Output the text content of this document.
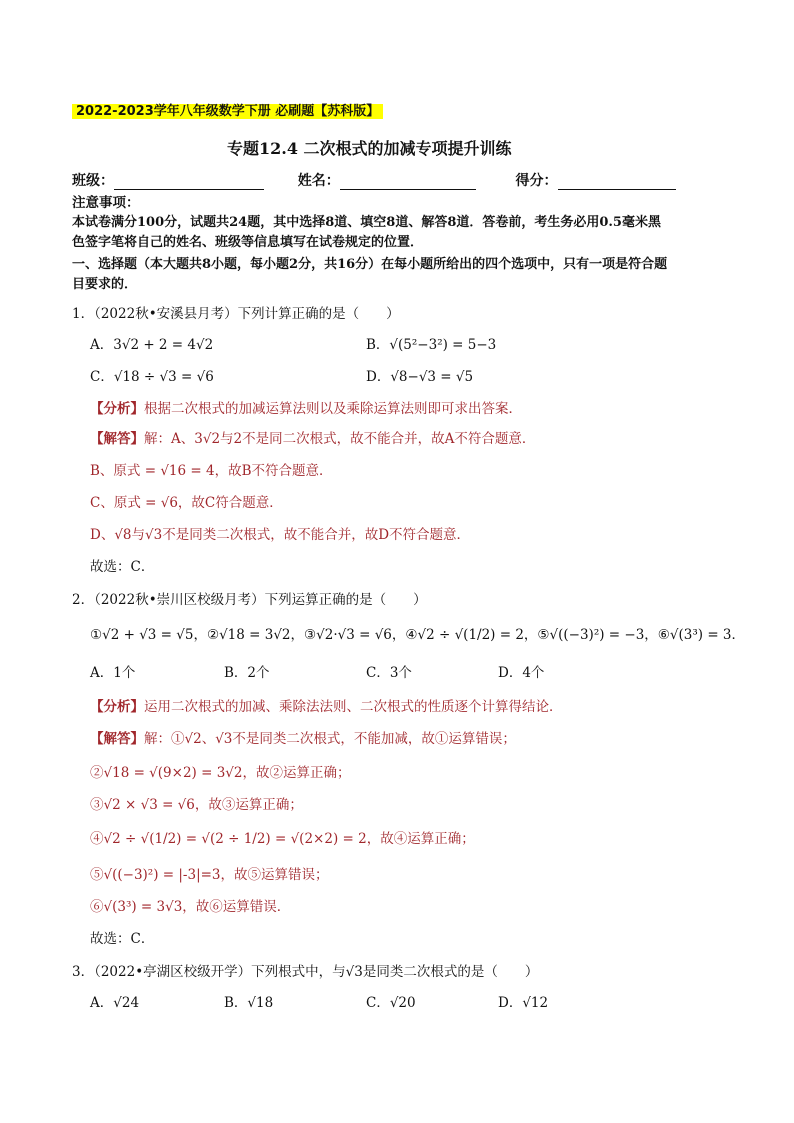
2022-2023学年八年级数学下册 必刷题【苏科版】
专题12.4 二次根式的加减专项提升训练
班级：	姓名：	得分：
注意事项：
本试卷满分100分，试题共24题，其中选择8道、填空8道、解答8道．答卷前，考生务必用0.5毫米黑
色签字笔将自己的姓名、班级等信息填写在试卷规定的位置．
一、选择题（本大题共8小题，每小题2分，共16分）在每小题所给出的四个选项中，只有一项是符合题
目要求的．
1．（2022秋•安溪县月考）下列计算正确的是（　　）
A．3√2 + 2 = 4√2	B．√(5²−3²) = 5−3
C．√18 ÷ √3 = √6	D．√8−√3 = √5
【分析】根据二次根式的加减运算法则以及乘除运算法则即可求出答案．
【解答】解：A、3√2与2不是同二次根式，故不能合并，故A不符合题意．
B、原式 = √16 = 4，故B不符合题意．
C、原式 = √6，故C符合题意．
D、√8与√3不是同类二次根式，故不能合并，故D不符合题意．
故选：C．
2．（2022秋•崇川区校级月考）下列运算正确的是（　　）
①√2 + √3 = √5，②√18 = 3√2，③√2·√3 = √6，④√2 ÷ √(1/2) = 2，⑤√((−3)²) = −3，⑥√(3³) = 3．
A．1个	B．2个	C．3个	D．4个
【分析】运用二次根式的加减、乘除法法则、二次根式的性质逐个计算得结论．
【解答】解：①√2、√3不是同类二次根式，不能加减，故①运算错误；
②√18 = √(9×2) = 3√2，故②运算正确；
③√2 × √3 = √6，故③运算正确；
④√2 ÷ √(1/2) = √(2 ÷ 1/2) = √(2×2) = 2，故④运算正确；
⑤√((−3)²) = |-3|=3，故⑤运算错误；
⑥√(3³) = 3√3，故⑥运算错误．
故选：C．
3．（2022•亭湖区校级开学）下列根式中，与√3是同类二次根式的是（　　）
A．√24	B．√18	C．√20	D．√12
